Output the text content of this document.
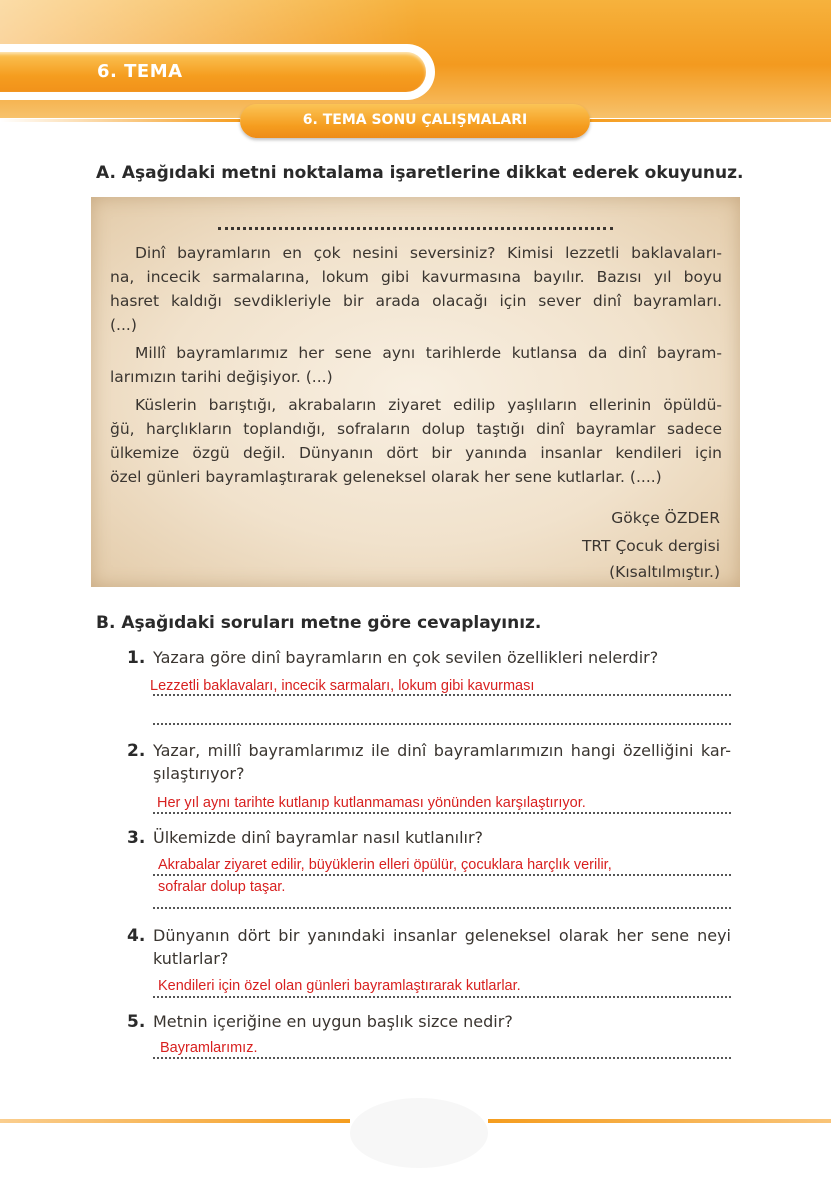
6. TEMA
6. TEMA SONU ÇALIŞMALARI
A. Aşağıdaki metni noktalama işaretlerine dikkat ederek okuyunuz.
Dinî bayramların en çok nesini seversiniz? Kimisi lezzetli baklavaları-
na, incecik sarmalarına, lokum gibi kavurmasına bayılır. Bazısı yıl boyu
hasret kaldığı sevdikleriyle bir arada olacağı için sever dinî bayramları.
(...)
Millî bayramlarımız her sene aynı tarihlerde kutlansa da dinî bayram-
larımızın tarihi değişiyor. (...)
Küslerin barıştığı, akrabaların ziyaret edilip yaşlıların ellerinin öpüldü-
ğü, harçlıkların toplandığı, sofraların dolup taştığı dinî bayramlar sadece
ülkemize özgü değil. Dünyanın dört bir yanında insanlar kendileri için
özel günleri bayramlaştırarak geleneksel olarak her sene kutlarlar. (....)
Gökçe ÖZDER
TRT Çocuk dergisi
(Kısaltılmıştır.)
B. Aşağıdaki soruları metne göre cevaplayınız.
1. Yazara göre dinî bayramların en çok sevilen özellikleri nelerdir?
Lezzetli baklavaları, incecik sarmaları, lokum gibi kavurması
2. Yazar, millî bayramlarımız ile dinî bayramlarımızın hangi özelliğini kar-
şılaştırıyor?
Her yıl aynı tarihte kutlanıp kutlanmaması yönünden karşılaştırıyor.
3. Ülkemizde dinî bayramlar nasıl kutlanılır?
Akrabalar ziyaret edilir, büyüklerin elleri öpülür, çocuklara harçlık verilir,
sofralar dolup taşar.
4. Dünyanın dört bir yanındaki insanlar geleneksel olarak her sene neyi
kutlarlar?
Kendileri için özel olan günleri bayramlaştırarak kutlarlar.
5. Metnin içeriğine en uygun başlık sizce nedir?
Bayramlarımız.
